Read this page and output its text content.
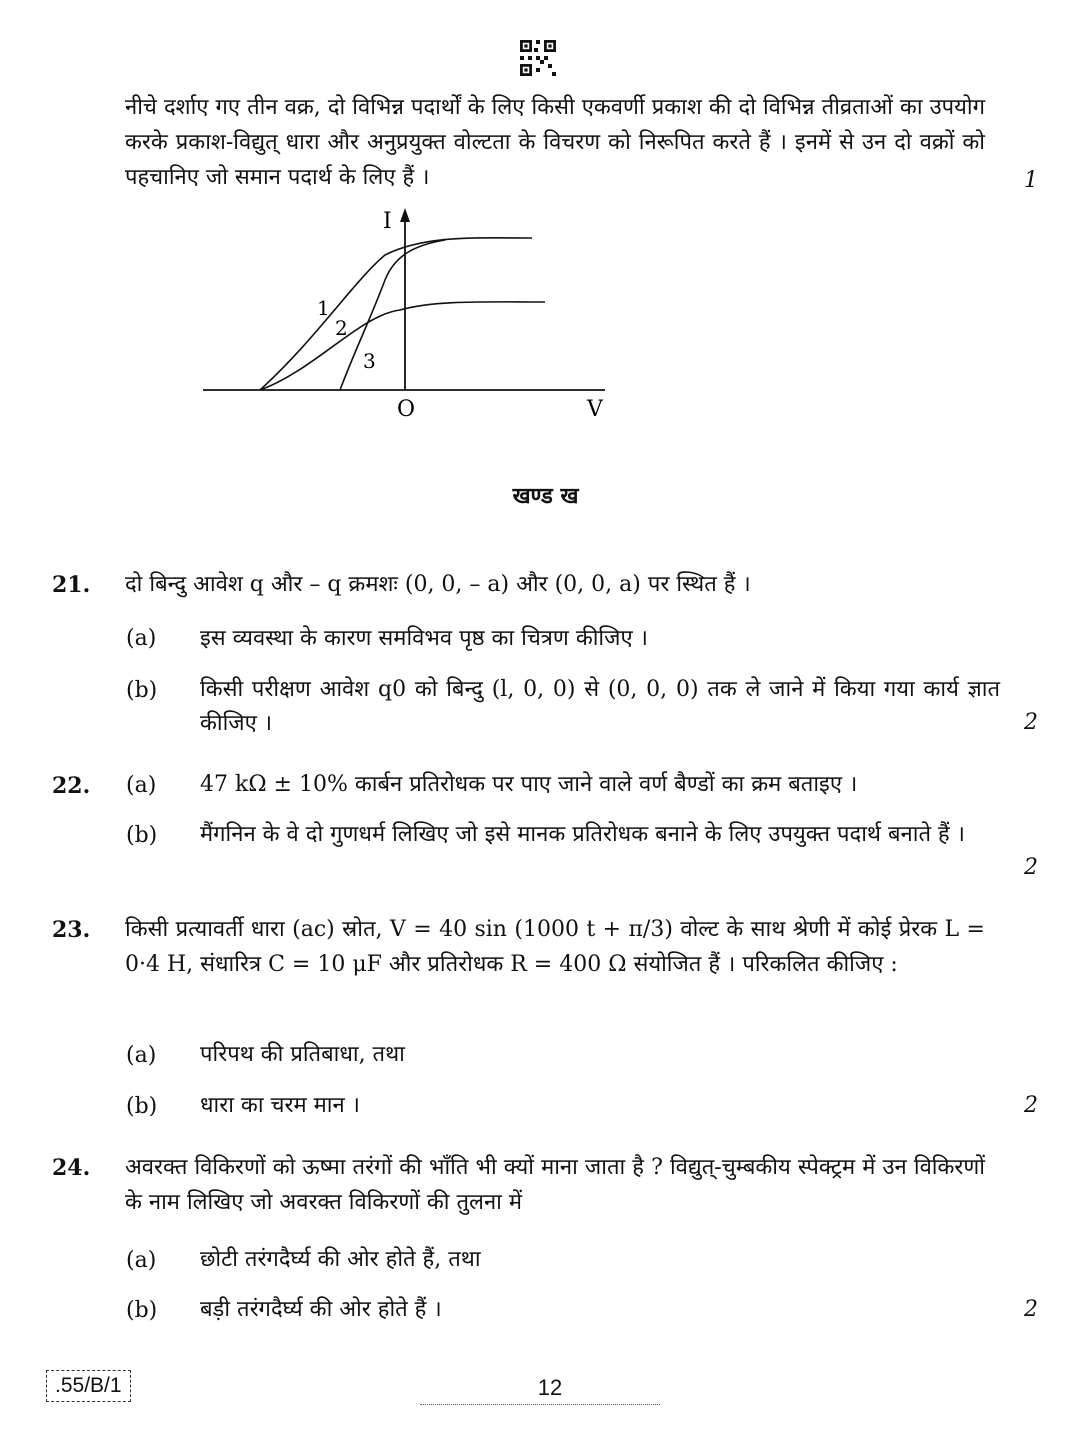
नीचे दर्शाए गए तीन वक्र, दो विभिन्न पदार्थों के लिए किसी एकवर्णी प्रकाश की दो विभिन्न तीव्रताओं का उपयोग करके प्रकाश-विद्युत् धारा और अनुप्रयुक्त वोल्टता के विचरण को निरूपित करते हैं । इनमें से उन दो वक्रों को पहचानिए जो समान पदार्थ के लिए हैं ।	1
I
V
O
1
2
3
खण्ड ख
21. दो बिन्दु आवेश q और – q क्रमशः (0, 0, – a) और (0, 0, a) पर स्थित हैं ।
(a) इस व्यवस्था के कारण समविभव पृष्ठ का चित्रण कीजिए ।
(b) किसी परीक्षण आवेश q0 को बिन्दु (l, 0, 0) से (0, 0, 0) तक ले जाने में किया गया कार्य ज्ञात कीजिए ।	2
22. (a) 47 kΩ ± 10% कार्बन प्रतिरोधक पर पाए जाने वाले वर्ण बैण्डों का क्रम बताइए ।
(b) मैंगनिन के वे दो गुणधर्म लिखिए जो इसे मानक प्रतिरोधक बनाने के लिए उपयुक्त पदार्थ बनाते हैं ।
2
23. किसी प्रत्यावर्ती धारा (ac) स्रोत, V = 40 sin (1000 t + π/3) वोल्ट के साथ श्रेणी में कोई प्रेरक L = 0·4 H, संधारित्र C = 10 μF और प्रतिरोधक R = 400 Ω संयोजित हैं । परिकलित कीजिए :
(a) परिपथ की प्रतिबाधा, तथा
(b) धारा का चरम मान ।	2
24. अवरक्त विकिरणों को ऊष्मा तरंगों की भाँति भी क्यों माना जाता है ? विद्युत्-चुम्बकीय स्पेक्ट्रम में उन विकिरणों के नाम लिखिए जो अवरक्त विकिरणों की तुलना में
(a) छोटी तरंगदैर्घ्य की ओर होते हैं, तथा
(b) बड़ी तरंगदैर्घ्य की ओर होते हैं ।	2
.55/B/1	12
